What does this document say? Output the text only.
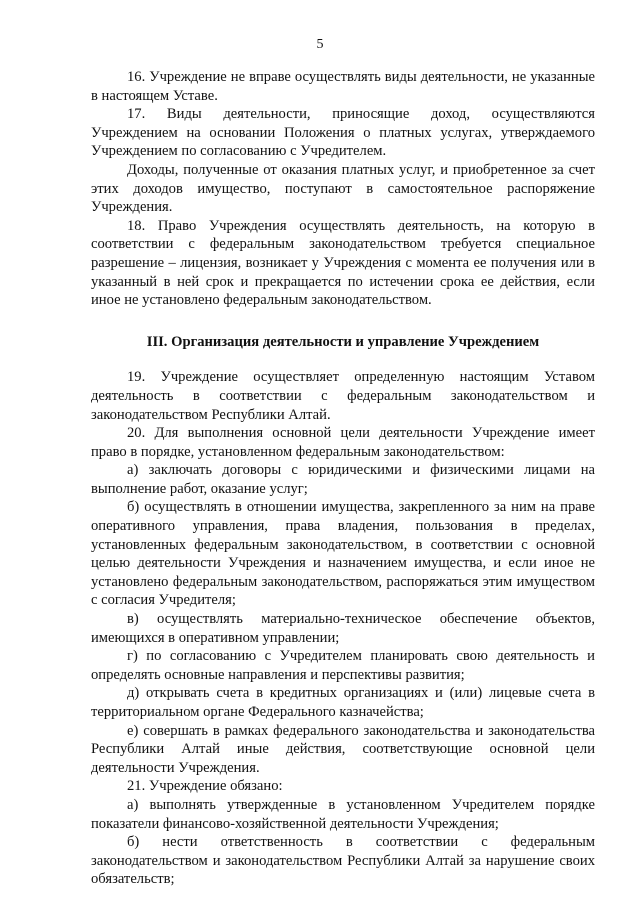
5

16. Учреждение не вправе осуществлять виды деятельности, не указанные в настоящем Уставе.

17. Виды деятельности, приносящие доход, осуществляются Учреждением на основании Положения о платных услугах, утверждаемого Учреждением по согласованию с Учредителем.

Доходы, полученные от оказания платных услуг, и приобретенное за счет этих доходов имущество, поступают в самостоятельное распоряжение Учреждения.

18. Право Учреждения осуществлять деятельность, на которую в соответствии с федеральным законодательством требуется специальное разрешение – лицензия, возникает у Учреждения с момента ее получения или в указанный в ней срок и прекращается по истечении срока ее действия, если иное не установлено федеральным законодательством.

III. Организация деятельности и управление Учреждением

19. Учреждение осуществляет определенную настоящим Уставом деятельность в соответствии с федеральным законодательством и законодательством Республики Алтай.

20. Для выполнения основной цели деятельности Учреждение имеет право в порядке, установленном федеральным законодательством:

а) заключать договоры с юридическими и физическими лицами на выполнение работ, оказание услуг;

б) осуществлять в отношении имущества, закрепленного за ним на праве оперативного управления, права владения, пользования в пределах, установленных федеральным законодательством, в соответствии с основной целью деятельности Учреждения и назначением имущества, и если иное не установлено федеральным законодательством, распоряжаться этим имуществом с согласия Учредителя;

в) осуществлять материально-техническое обеспечение объектов, имеющихся в оперативном управлении;

г) по согласованию с Учредителем планировать свою деятельность и определять основные направления и перспективы развития;

д) открывать счета в кредитных организациях и (или) лицевые счета в территориальном органе Федерального казначейства;

е) совершать в рамках федерального законодательства и законодательства Республики Алтай иные действия, соответствующие основной цели деятельности Учреждения.

21. Учреждение обязано:

а) выполнять утвержденные в установленном Учредителем порядке показатели финансово-хозяйственной деятельности Учреждения;

б) нести ответственность в соответствии с федеральным законодательством и законодательством Республики Алтай за нарушение своих обязательств;
